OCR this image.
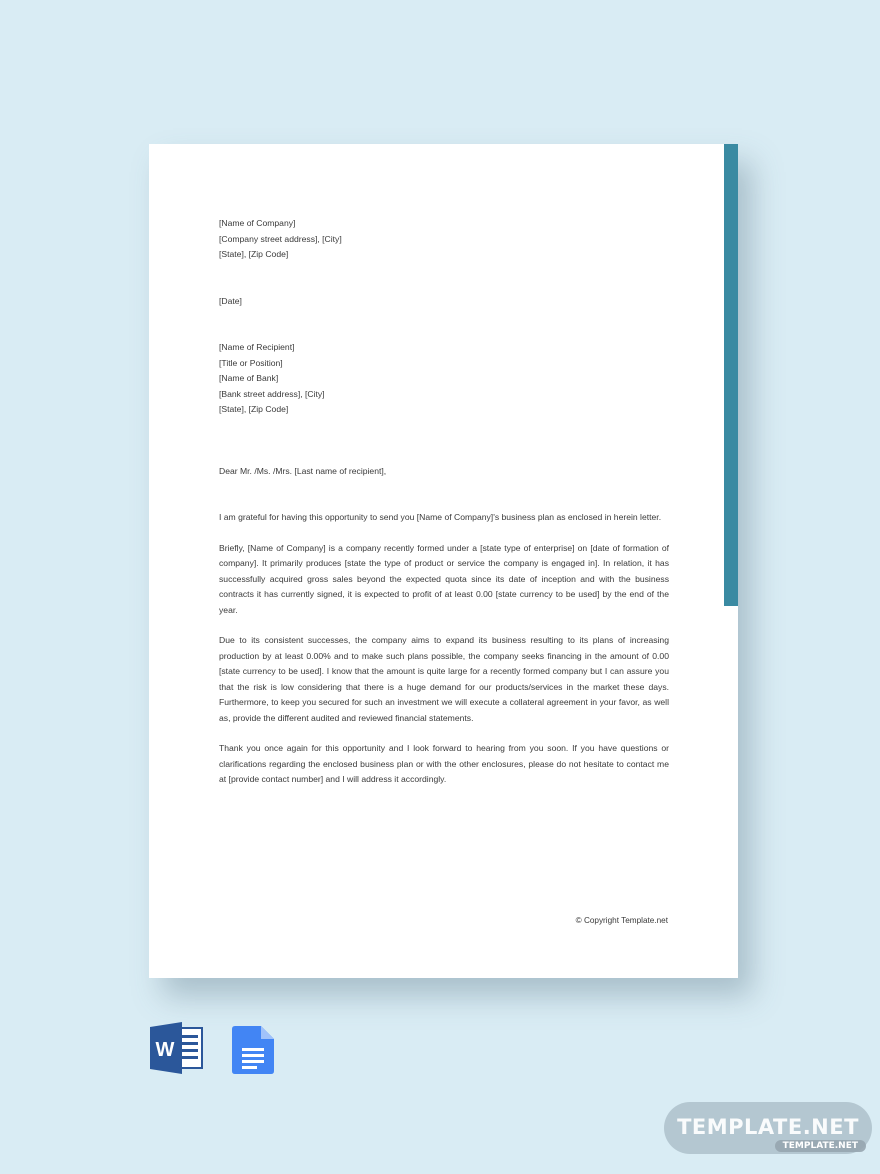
[Name of Company]
[Company street address], [City]
[State], [Zip Code]
[Date]
[Name of Recipient]
[Title or Position]
[Name of Bank]
[Bank street address], [City]
[State], [Zip Code]
Dear Mr. /Ms. /Mrs. [Last name of recipient],

I am grateful for having this opportunity to send you [Name of Company]'s business plan as enclosed in herein letter.

Briefly, [Name of Company] is a company recently formed under a [state type of enterprise] on [date of formation of company]. It primarily produces [state the type of product or service the company is engaged in]. In relation, it has successfully acquired gross sales beyond the expected quota since its date of inception and with the business contracts it has currently signed, it is expected to profit of at least 0.00 [state currency to be used] by the end of the year.

Due to its consistent successes, the company aims to expand its business resulting to its plans of increasing production by at least 0.00% and to make such plans possible, the company seeks financing in the amount of 0.00 [state currency to be used]. I know that the amount is quite large for a recently formed company but I can assure you that the risk is low considering that there is a huge demand for our products/services in the market these days. Furthermore, to keep you secured for such an investment we will execute a collateral agreement in your favor, as well as, provide the different audited and reviewed financial statements.

Thank you once again for this opportunity and I look forward to hearing from you soon. If you have questions or clarifications regarding the enclosed business plan or with the other enclosures, please do not hesitate to contact me at [provide contact number] and I will address it accordingly.

© Copyright Template.net
W
TEMPLATE.NET
TEMPLATE.NET
